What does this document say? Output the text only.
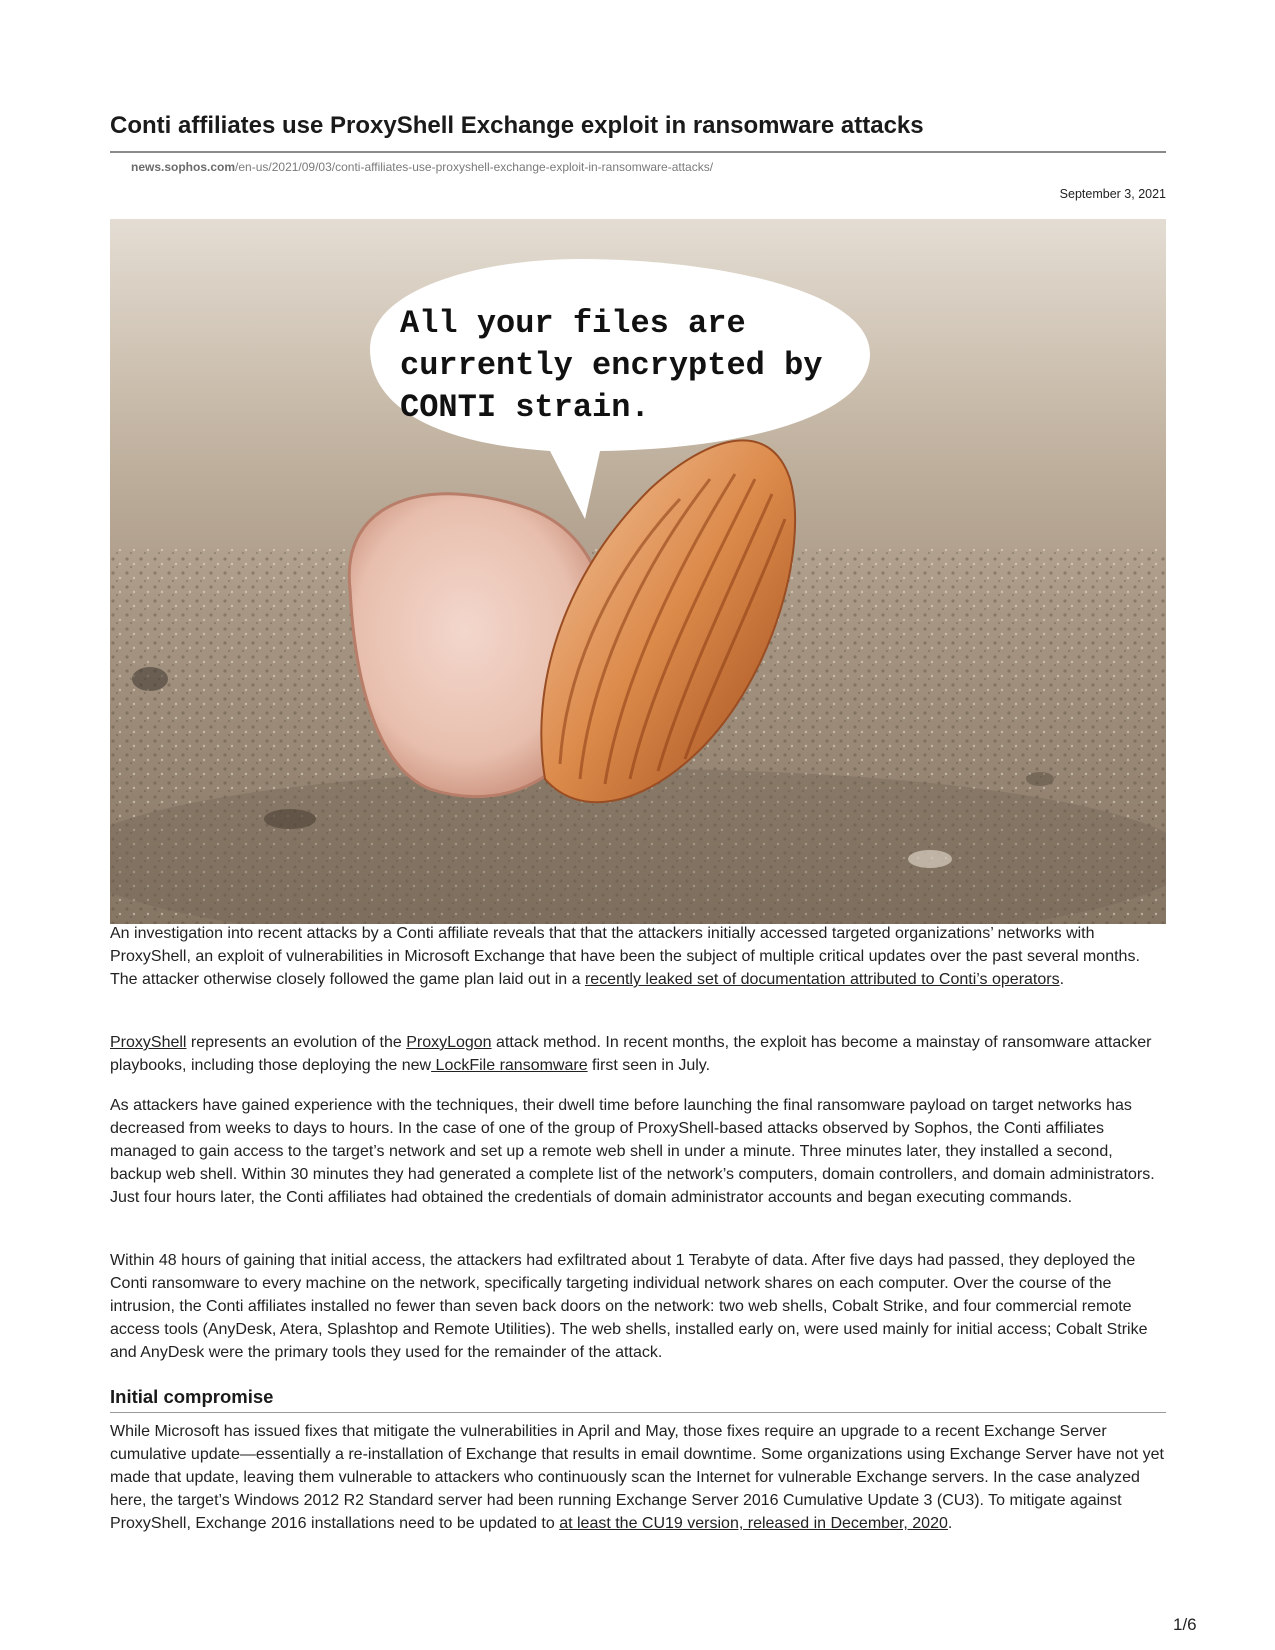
Conti affiliates use ProxyShell Exchange exploit in ransomware attacks
news.sophos.com/en-us/2021/09/03/conti-affiliates-use-proxyshell-exchange-exploit-in-ransomware-attacks/
September 3, 2021

All your files are
currently encrypted by
CONTI strain.

An investigation into recent attacks by a Conti affiliate reveals that that the attackers initially accessed targeted organizations’ networks with ProxyShell, an exploit of vulnerabilities in Microsoft Exchange that have been the subject of multiple critical updates over the past several months. The attacker otherwise closely followed the game plan laid out in a recently leaked set of documentation attributed to Conti’s operators.

ProxyShell represents an evolution of the ProxyLogon attack method. In recent months, the exploit has become a mainstay of ransomware attacker playbooks, including those deploying the new LockFile ransomware first seen in July.

As attackers have gained experience with the techniques, their dwell time before launching the final ransomware payload on target networks has decreased from weeks to days to hours. In the case of one of the group of ProxyShell-based attacks observed by Sophos, the Conti affiliates managed to gain access to the target’s network and set up a remote web shell in under a minute. Three minutes later, they installed a second, backup web shell. Within 30 minutes they had generated a complete list of the network’s computers, domain controllers, and domain administrators. Just four hours later, the Conti affiliates had obtained the credentials of domain administrator accounts and began executing commands.

Within 48 hours of gaining that initial access, the attackers had exfiltrated about 1 Terabyte of data. After five days had passed, they deployed the Conti ransomware to every machine on the network, specifically targeting individual network shares on each computer. Over the course of the intrusion, the Conti affiliates installed no fewer than seven back doors on the network: two web shells, Cobalt Strike, and four commercial remote access tools (AnyDesk, Atera, Splashtop and Remote Utilities). The web shells, installed early on, were used mainly for initial access; Cobalt Strike and AnyDesk were the primary tools they used for the remainder of the attack.

Initial compromise

While Microsoft has issued fixes that mitigate the vulnerabilities in April and May, those fixes require an upgrade to a recent Exchange Server cumulative update—essentially a re-installation of Exchange that results in email downtime. Some organizations using Exchange Server have not yet made that update, leaving them vulnerable to attackers who continuously scan the Internet for vulnerable Exchange servers. In the case analyzed here, the target’s Windows 2012 R2 Standard server had been running Exchange Server 2016 Cumulative Update 3 (CU3). To mitigate against ProxyShell, Exchange 2016 installations need to be updated to at least the CU19 version, released in December, 2020.

1/6
